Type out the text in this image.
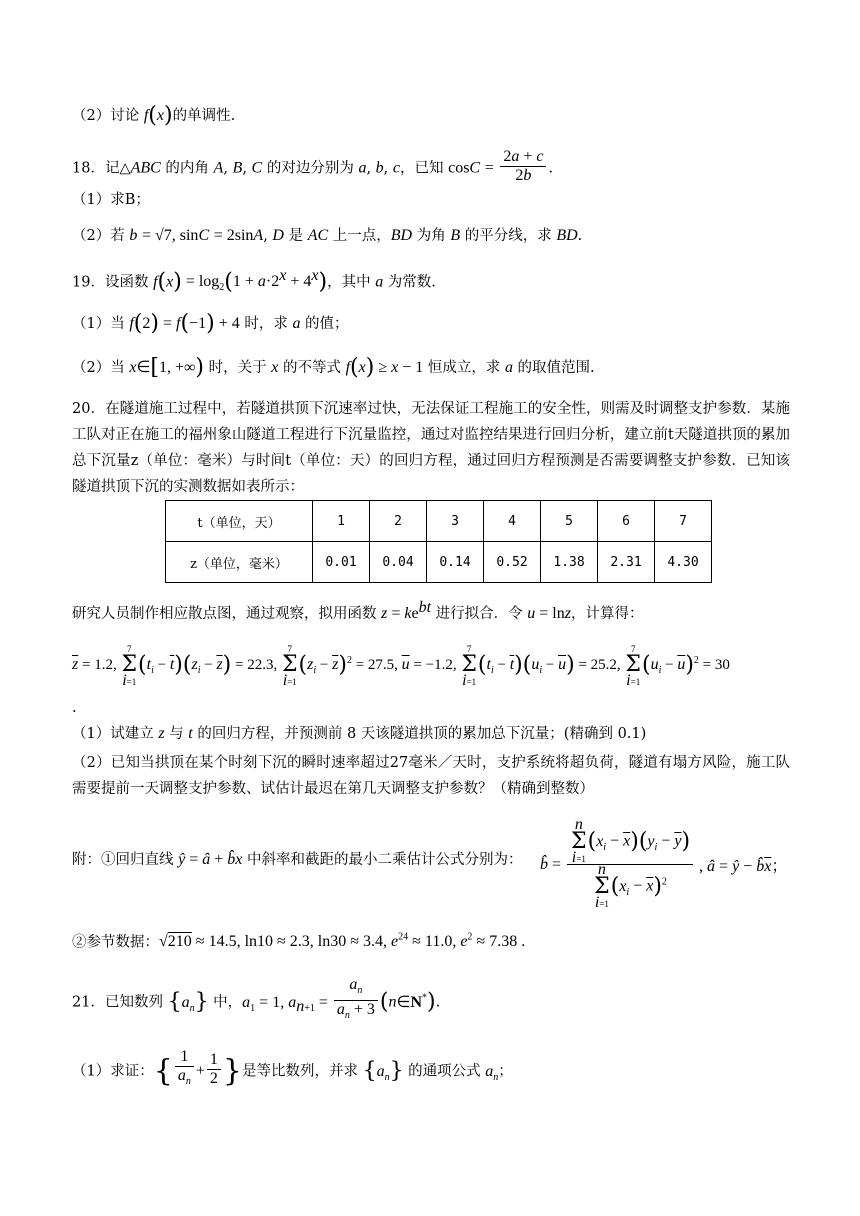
（2）讨论 f(x)的单调性.
18．记△ABC 的内角 A, B, C 的对边分别为 a, b, c，已知 $\cos C = \frac{2a + c}{2b}$ .
（1）求B；
（2）若 b = √7, sinC = 2sinA, D 是 AC 上一点，BD 为角 B 的平分线，求 BD.
19．设函数 $f(x) = \log_2(1 + a\cdot 2^x + 4^x)$，其中 a 为常数.
（1）当 f(2) = f(−1) + 4 时，求 a 的值；
（2）当 x∈[1, +∞) 时，关于 x 的不等式 f(x) ≥ x − 1 恒成立，求 a 的取值范围.
20．在隧道施工过程中，若隧道拱顶下沉速率过快，无法保证工程施工的安全性，则需及时调整支护参数．某施工队对正在施工的福州象山隧道工程进行下沉量监控，通过对监控结果进行回归分析，建立前t天隧道拱顶的累加总下沉量z（单位：毫米）与时间t（单位：天）的回归方程，通过回归方程预测是否需要调整支护参数．已知该隧道拱顶下沉的实测数据如表所示：
t（单位，天）	1	2	3	4	5	6	7
z（单位，毫米）	0.01	0.04	0.14	0.52	1.38	2.31	4.30
研究人员制作相应散点图，通过观察，拟用函数 $z = ke^{bt}$ 进行拟合．令 u = lnz，计算得：
$\overline{z} = 1.2$, 7
Σ
$i=1(t_i - \overline{t})(z_i - \overline{z}) = 22.3$, 7
Σ
$i=1(z_i - \overline{z})^2 = 27.5$, $\overline{u} = -1.2$, 7
Σ
$i=1(t_i - \overline{t})(u_i - \overline{u}) = 25.2$, 7
Σ
$i=1(u_i - \overline{u})^2 = 30$
.
（1）试建立 z 与 t 的回归方程，并预测前 8 天该隧道拱顶的累加总下沉量；(精确到 0.1)
（2）已知当拱顶在某个时刻下沉的瞬时速率超过27毫米／天时，支护系统将超负荷，隧道有塌方风险，施工队需要提前一天调整支护参数、试估计最迟在第几天调整支护参数？（精确到整数）
附：①回归直线 ŷ = â + b̂x 中斜率和截距的最小二乘估计公式分别为： b̂ = n
Σ
$i=1(x_i - \overline{x})(y_i - \overline{y})$
n
Σ
$i=1(x_i - \overline{x})^2$ , â = ŷ − $b̂\overline{x}$；
②参节数据：√210 ≈ 14.5, ln10 ≈ 2.3, ln30 ≈ 3.4, $e^{24} \approx 11.0$, $e^2 \approx 7.38$ .
21．已知数列 $\{a_n\}$ 中，$a_1 = 1$, $a_{n+1} = \frac{a_n}{a_n + 3}$ (n∈N*).
（1）求证：{ $\frac{1}{a_n} + \frac{1}{2}$ }是等比数列，并求 $\{a_n\}$ 的通项公式 $a_n$；
